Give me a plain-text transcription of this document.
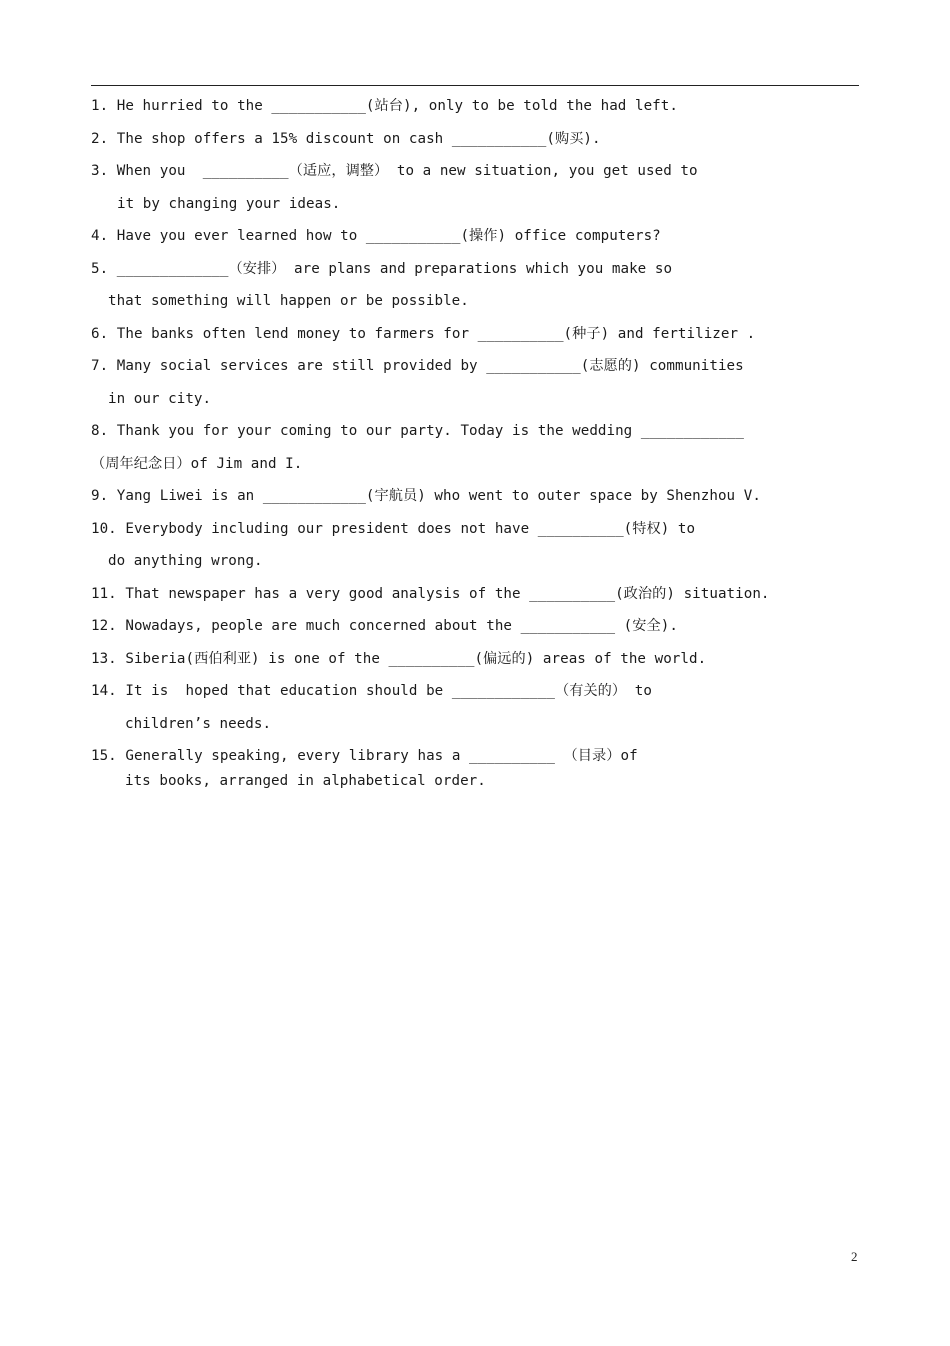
1. He hurried to the ___________(站台), only to be told the had left.
2. The shop offers a 15% discount on cash ___________(购买).
3. When you  __________（适应，调整） to a new situation, you get used to
it by changing your ideas.
4. Have you ever learned how to ___________(操作) office computers?
5. _____________（安排） are plans and preparations which you make so
that something will happen or be possible.
6. The banks often lend money to farmers for __________(种子) and fertilizer .
7. Many social services are still provided by ___________(志愿的) communities
in our city.
8. Thank you for your coming to our party. Today is the wedding ____________
（周年纪念日）of Jim and I.
9. Yang Liwei is an ____________(宇航员) who went to outer space by Shenzhou V.
10. Everybody including our president does not have __________(特权) to
do anything wrong.
11. That newspaper has a very good analysis of the __________(政治的) situation.
12. Nowadays, people are much concerned about the ___________ (安全).
13. Siberia(西伯利亚) is one of the __________(偏远的) areas of the world.
14. It is  hoped that education should be ____________（有关的） to
children’s needs.
15. Generally speaking, every library has a __________ （目录）of
its books, arranged in alphabetical order.
2
